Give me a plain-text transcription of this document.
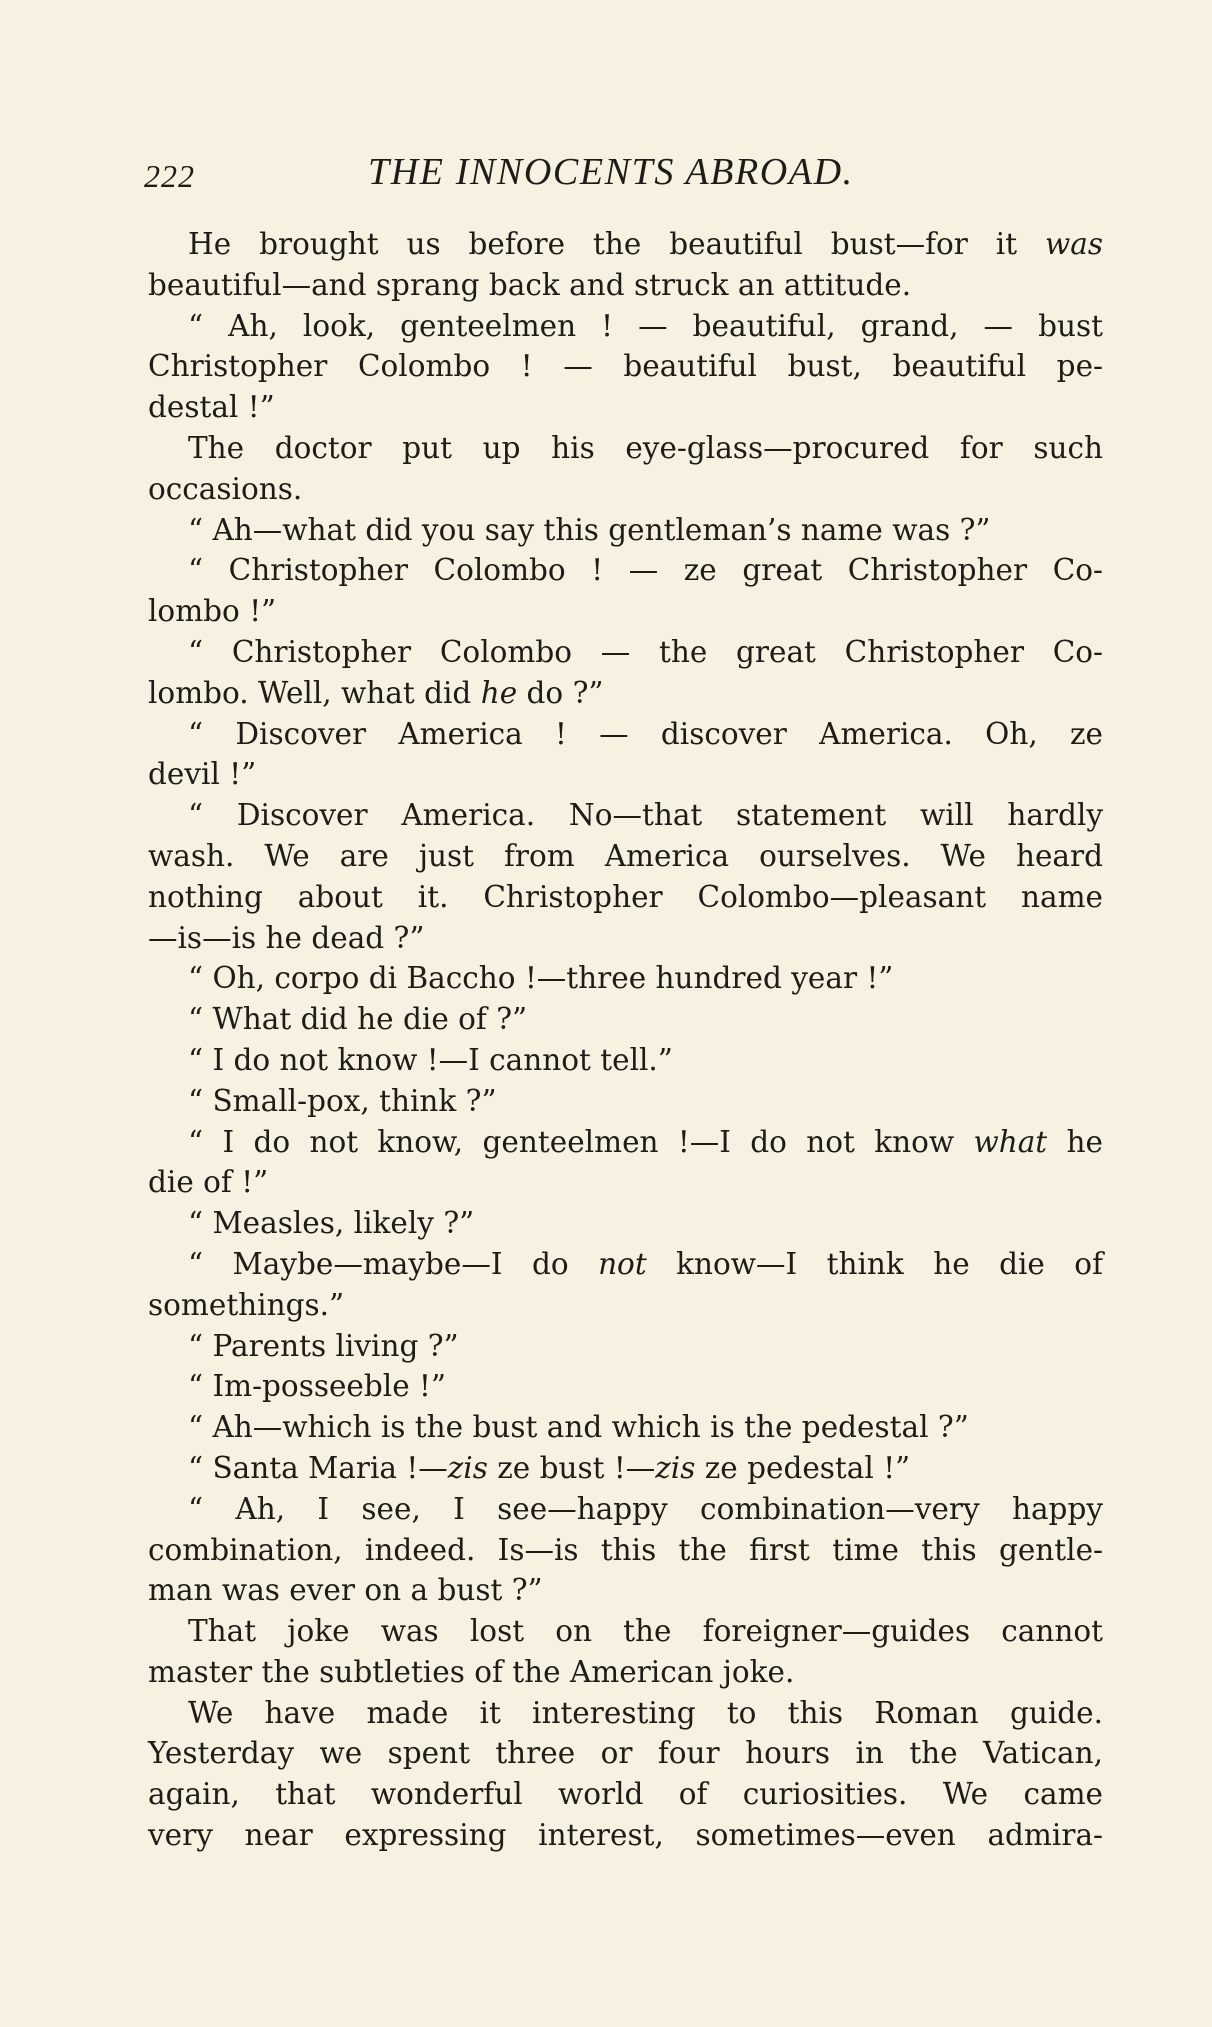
222	THE INNOCENTS ABROAD.
He brought us before the beautiful bust—for it was
beautiful—and sprang back and struck an attitude.
“ Ah, look, genteelmen ! — beautiful, grand, — bust
Christopher Colombo ! — beautiful bust, beautiful pe-
destal !”
The doctor put up his eye-glass—procured for such
occasions.
“ Ah—what did you say this gentleman’s name was ?”
“ Christopher Colombo ! — ze great Christopher Co-
lombo !”
“ Christopher Colombo — the great Christopher Co-
lombo. Well, what did he do ?”
“ Discover America ! — discover America. Oh, ze
devil !”
“ Discover America. No—that statement will hardly
wash. We are just from America ourselves. We heard
nothing about it. Christopher Colombo—pleasant name
—is—is he dead ?”
“ Oh, corpo di Baccho !—three hundred year !”
“ What did he die of ?”
“ I do not know !—I cannot tell.”
“ Small-pox, think ?”
“ I do not know, genteelmen !—I do not know what he
die of !”
“ Measles, likely ?”
“ Maybe—maybe—I do not know—I think he die of
somethings.”
“ Parents living ?”
“ Im-posseeble !”
“ Ah—which is the bust and which is the pedestal ?”
“ Santa Maria !—zis ze bust !—zis ze pedestal !”
“ Ah, I see, I see—happy combination—very happy
combination, indeed. Is—is this the first time this gentle-
man was ever on a bust ?”
That joke was lost on the foreigner—guides cannot
master the subtleties of the American joke.
We have made it interesting to this Roman guide.
Yesterday we spent three or four hours in the Vatican,
again, that wonderful world of curiosities. We came
very near expressing interest, sometimes—even admira-
